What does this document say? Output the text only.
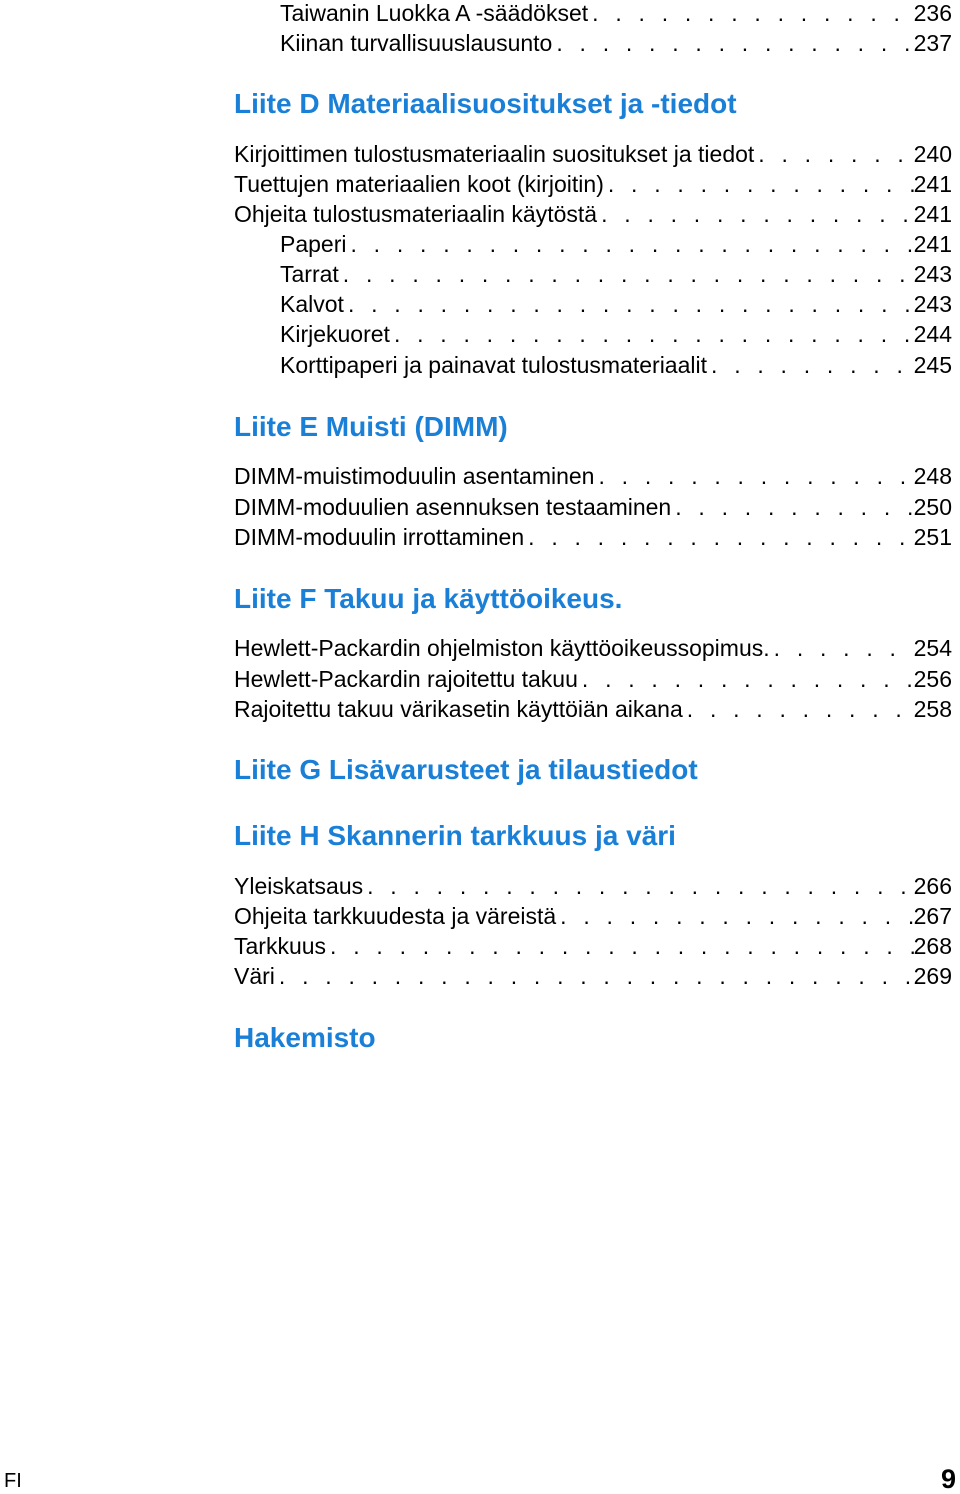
Taiwanin Luokka A -säädökset . . .	236
Kiinan turvallisuuslausunto . . .	237
Liite D Materiaalisuositukset ja -tiedot
Kirjoittimen tulostusmateriaalin suositukset ja tiedot . . .	240
Tuettujen materiaalien koot (kirjoitin) . . .	241
Ohjeita tulostusmateriaalin käytöstä . . .	241
Paperi . . .	241
Tarrat . . .	243
Kalvot . . .	243
Kirjekuoret . . .	244
Korttipaperi ja painavat tulostusmateriaalit . . .	245
Liite E Muisti (DIMM)
DIMM-muistimoduulin asentaminen . . .	248
DIMM-moduulien asennuksen testaaminen . . .	250
DIMM-moduulin irrottaminen . . .	251
Liite F Takuu ja käyttöoikeus.
Hewlett-Packardin ohjelmiston käyttöoikeussopimus. . . .	254
Hewlett-Packardin rajoitettu takuu . . .	256
Rajoitettu takuu värikasetin käyttöiän aikana . . .	258
Liite G Lisävarusteet ja tilaustiedot
Liite H Skannerin tarkkuus ja väri
Yleiskatsaus . . .	266
Ohjeita tarkkuudesta ja väreistä . . .	267
Tarkkuus . . .	268
Väri . . .	269
Hakemisto
FI	9
